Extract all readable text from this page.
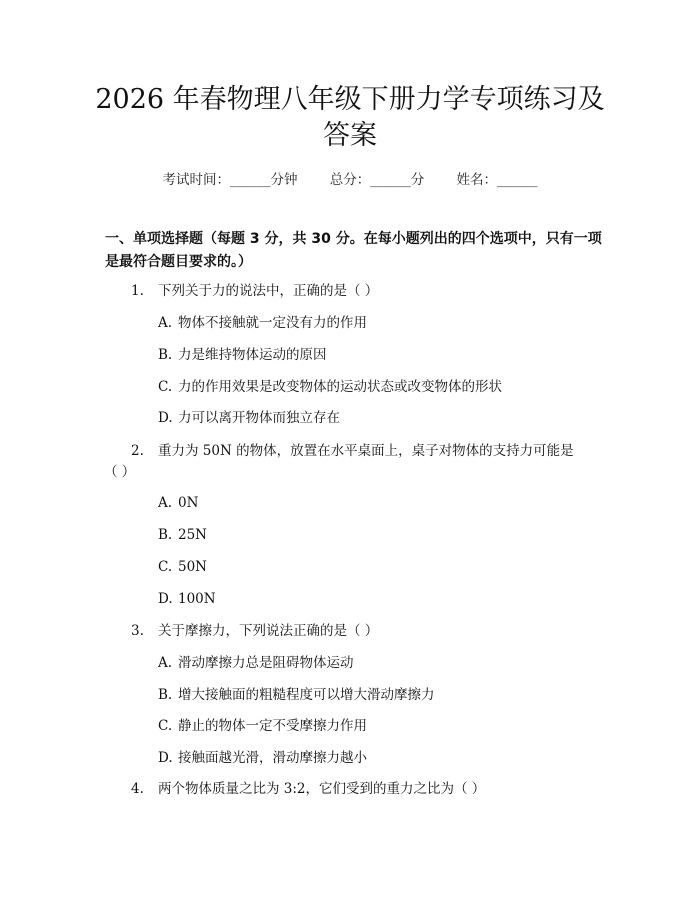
2026 年春物理八年级下册力学专项练习及答案
考试时间：______分钟 总分：______分 姓名：______

一、单项选择题（每题 3 分，共 30 分。在每小题列出的四个选项中，只有一项是最符合题目要求的。）

1. 下列关于力的说法中，正确的是（ ）
A. 物体不接触就一定没有力的作用
B. 力是维持物体运动的原因
C. 力的作用效果是改变物体的运动状态或改变物体的形状
D. 力可以离开物体而独立存在
2. 重力为 50N 的物体，放置在水平桌面上，桌子对物体的支持力可能是
（ ）
A. 0N
B. 25N
C. 50N
D. 100N
3. 关于摩擦力，下列说法正确的是（ ）
A. 滑动摩擦力总是阻碍物体运动
B. 增大接触面的粗糙程度可以增大滑动摩擦力
C. 静止的物体一定不受摩擦力作用
D. 接触面越光滑，滑动摩擦力越小
4. 两个物体质量之比为 3:2，它们受到的重力之比为（ ）
